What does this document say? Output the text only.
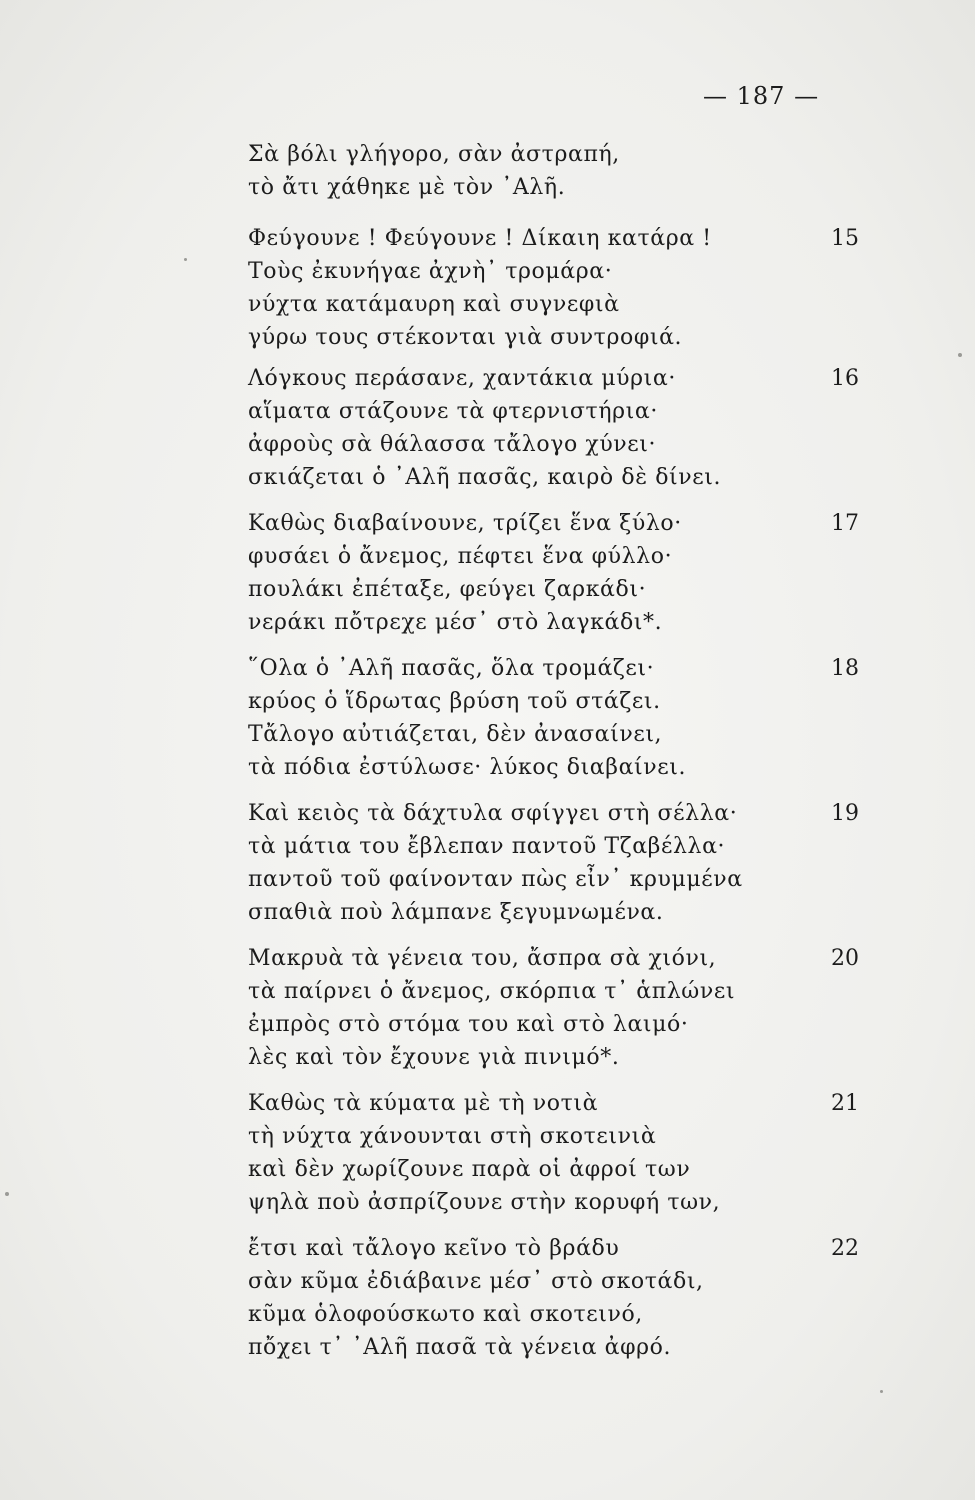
— 187 —
Σὰ βόλι γλήγορο, σὰν ἀστραπή,
τὸ ἄτι χάθηκε μὲ τὸν ᾽Αλῆ.
15
Φεύγουνε ! Φεύγουνε ! Δίκαιη κατάρα !
Τοὺς ἐκυνήγαε ἀχνὴ᾽ τρομάρα·
νύχτα κατάμαυρη καὶ συγνεφιὰ
γύρω τους στέκονται γιὰ συντροφιά.
16
Λόγκους περάσανε, χαντάκια μύρια·
αἵματα στάζουνε τὰ φτερνιστήρια·
ἀφροὺς σὰ θάλασσα τἄλογο χύνει·
σκιάζεται ὁ ᾽Αλῆ πασᾶς, καιρὸ δὲ δίνει.
17
Καθὼς διαβαίνουνε, τρίζει ἕνα ξύλο·
φυσάει ὁ ἄνεμος, πέφτει ἕνα φύλλο·
πουλάκι ἐπέταξε, φεύγει ζαρκάδι·
νεράκι πὄτρεχε μέσ᾽ στὸ λαγκάδι*.
18
῞Ολα ὁ ᾽Αλῆ πασᾶς, ὅλα τρομάζει·
κρύος ὁ ἵδρωτας βρύση τοῦ στάζει.
Τἄλογο αὐτιάζεται, δὲν ἀνασαίνει,
τὰ πόδια ἐστύλωσε· λύκος διαβαίνει.
19
Καὶ κειὸς τὰ δάχτυλα σφίγγει στὴ σέλλα·
τὰ μάτια του ἔβλεπαν παντοῦ Τζαβέλλα·
παντοῦ τοῦ φαίνονταν πὼς εἶν᾽ κρυμμένα
σπαθιὰ ποὺ λάμπανε ξεγυμνωμένα.
20
Μακρυὰ τὰ γένεια του, ἄσπρα σὰ χιόνι,
τὰ παίρνει ὁ ἄνεμος, σκόρπια τ᾽ ἁπλώνει
ἐμπρὸς στὸ στόμα του καὶ στὸ λαιμό·
λὲς καὶ τὸν ἔχουνε γιὰ πινιμό*.
21
Καθὼς τὰ κύματα μὲ τὴ νοτιὰ
τὴ νύχτα χάνουνται στὴ σκοτεινιὰ
καὶ δὲν χωρίζουνε παρὰ οἱ ἀφροί των
ψηλὰ ποὺ ἀσπρίζουνε στὴν κορυφή των,
22
ἔτσι καὶ τἄλογο κεῖνο τὸ βράδυ
σὰν κῦμα ἐδιάβαινε μέσ᾽ στὸ σκοτάδι,
κῦμα ὁλοφούσκωτο καὶ σκοτεινό,
πὄχει τ᾽ ᾽Αλῆ πασᾶ τὰ γένεια ἀφρό.
